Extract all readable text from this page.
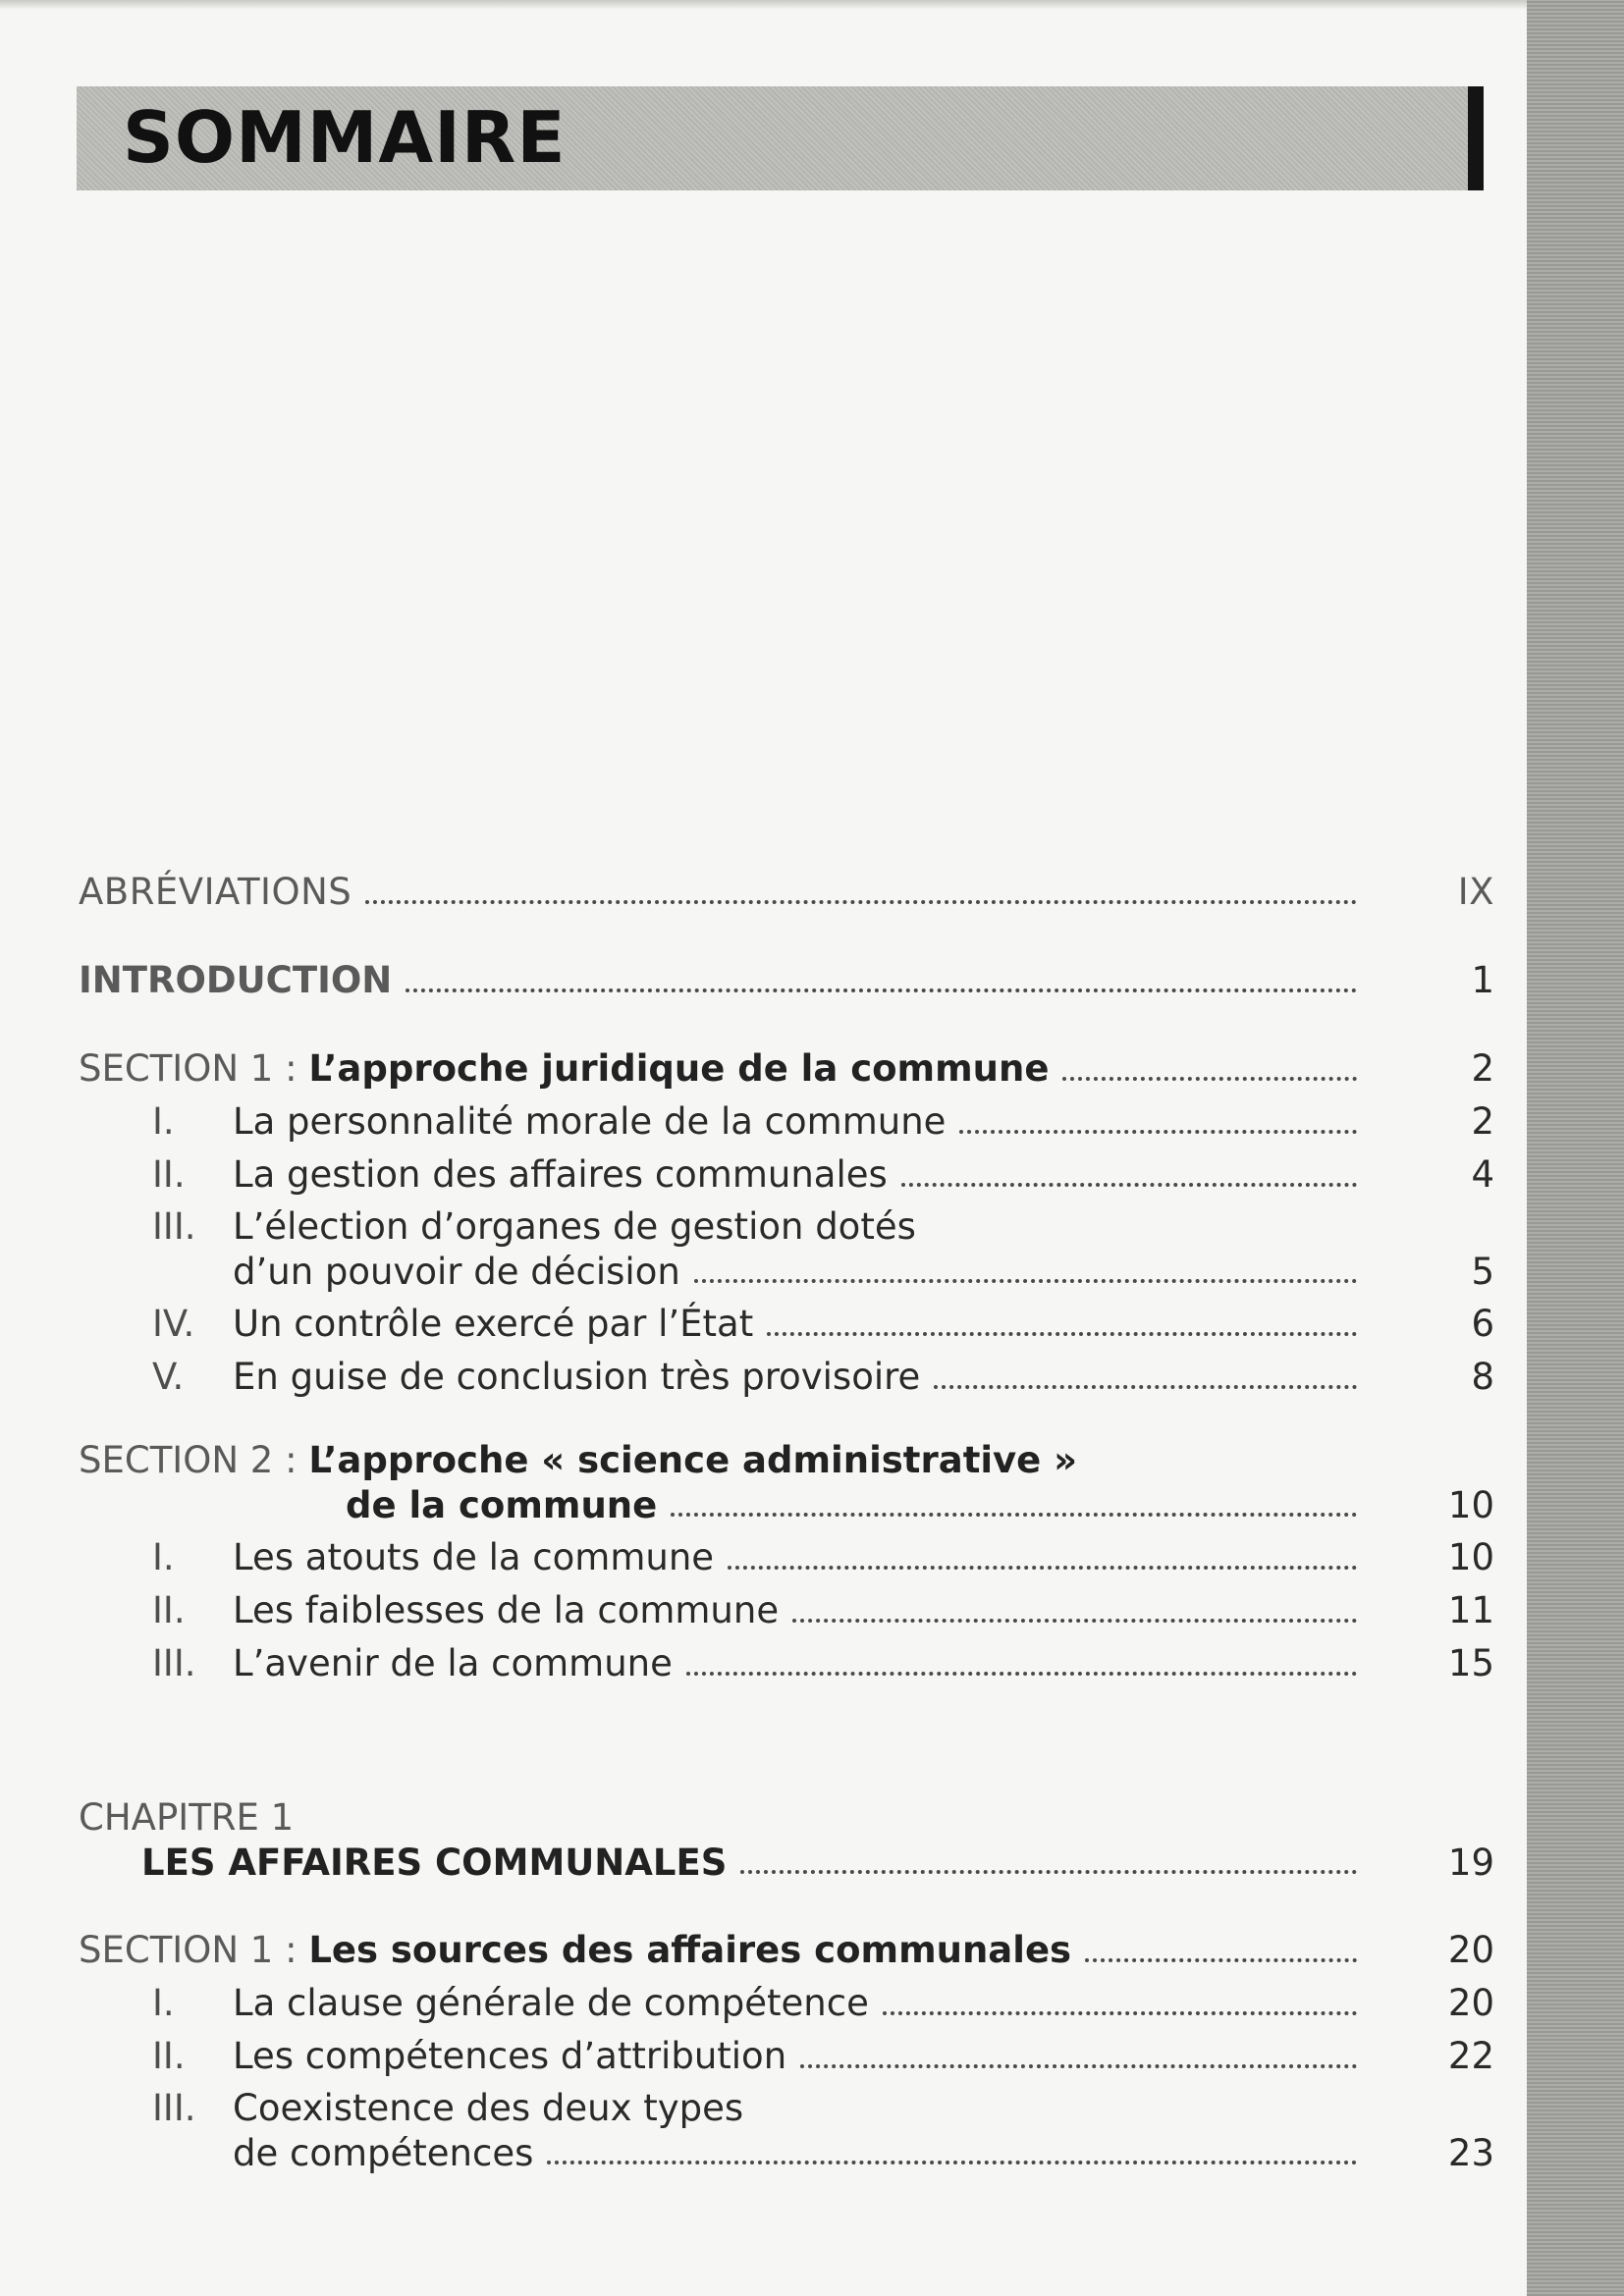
SOMMAIRE
ABRÉVIATIONS	IX
INTRODUCTION	1
SECTION 1 : L’approche juridique de la commune	2
I. La personnalité morale de la commune	2
II. La gestion des affaires communales	4
III. L’élection d’organes de gestion dotés
d’un pouvoir de décision	5
IV. Un contrôle exercé par l’État	6
V. En guise de conclusion très provisoire	8
SECTION 2 : L’approche « science administrative »
de la commune	10
I. Les atouts de la commune	10
II. Les faiblesses de la commune	11
III. L’avenir de la commune	15
CHAPITRE 1
LES AFFAIRES COMMUNALES	19
SECTION 1 : Les sources des affaires communales	20
I. La clause générale de compétence	20
II. Les compétences d’attribution	22
III. Coexistence des deux types
de compétences	23
